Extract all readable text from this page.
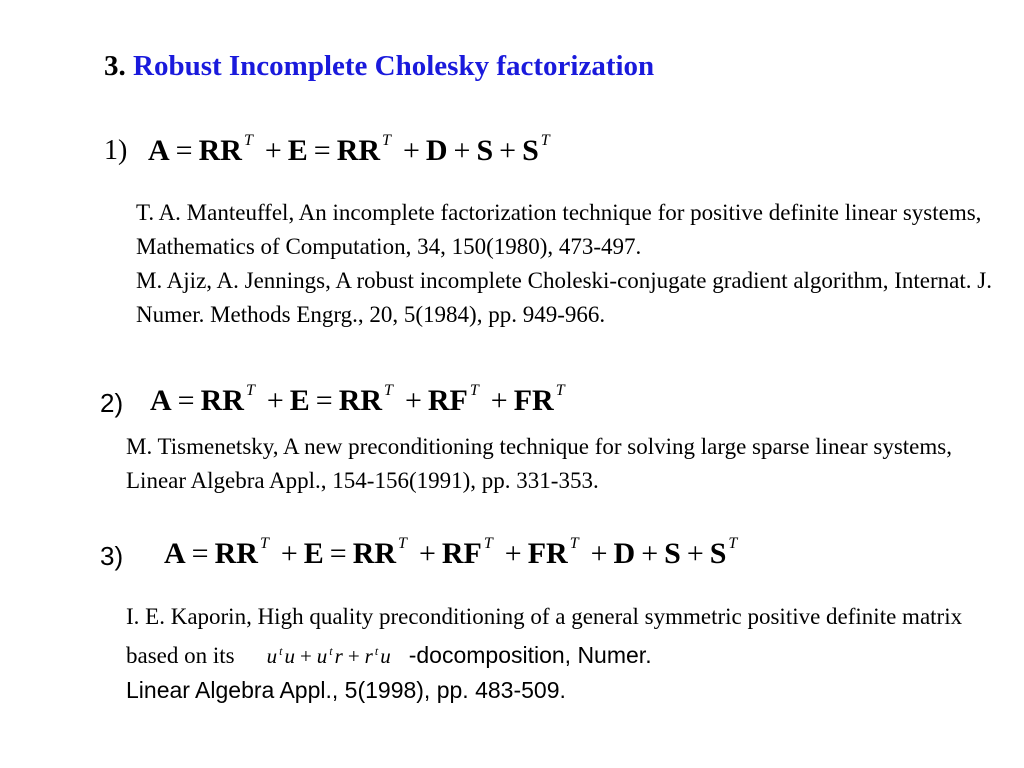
3. Robust Incomplete Cholesky factorization
1) A = RR $^T$ + E = RR $^T$ + D + S + S $^T$

T. A. Manteuffel, An incomplete factorization technique for positive definite linear systems, Mathematics of Computation, 34, 150(1980), 473-497.

M. Ajiz, A. Jennings, A robust incomplete Choleski-conjugate gradient algorithm, Internat. J. Numer. Methods Engrg., 20, 5(1984), pp. 949-966.

2) A = RR $^T$ + E = RR $^T$ + RF $^T$ + FR $^T$
M. Tismenetsky, A new preconditioning technique for solving large sparse linear systems, Linear Algebra Appl., 154-156(1991), pp. 331-353.
3) A = RR $^T$ + E = RR $^T$ + RF $^T$ + FR $^T$ + D + S + S $^T$
I. E. Kaporin, High quality preconditioning of a general symmetric positive definite matrix based on its u $^t$u + u $^t$r + r $^t$u -docomposition, Numer.
Linear Algebra Appl., 5(1998), pp. 483-509.
